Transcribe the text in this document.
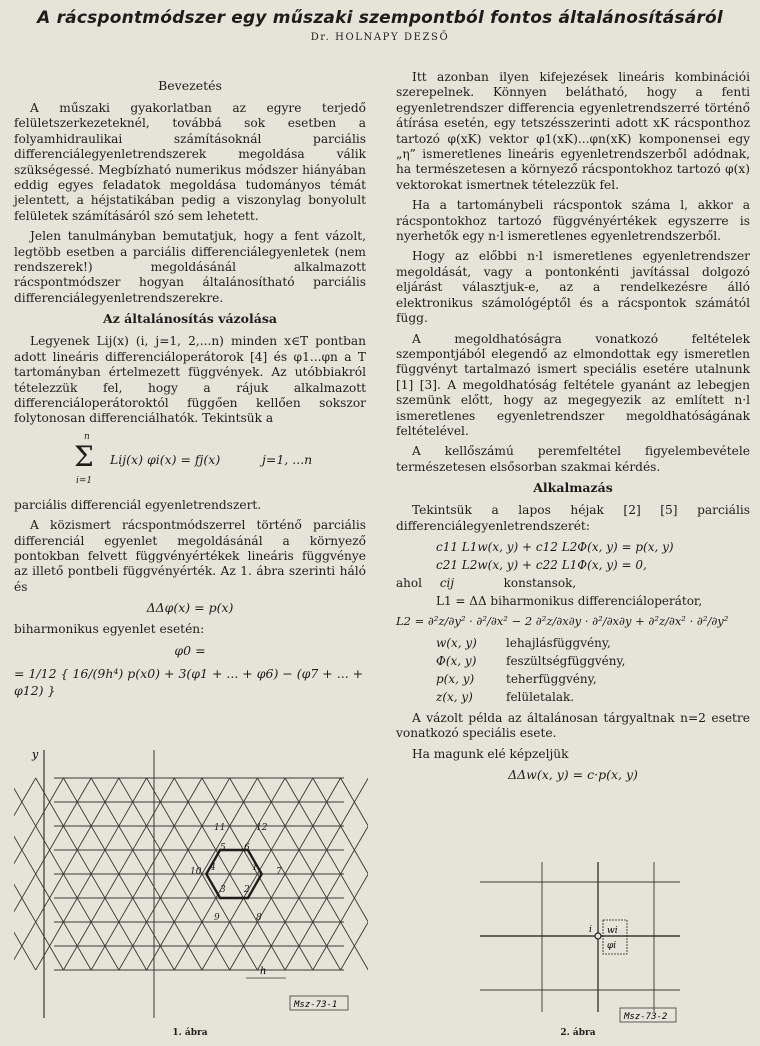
A rácspontmódszer egy műszaki szempontból fontos általánosításáról
Dr. HOLNAPY DEZSŐ
Bevezetés

A műszaki gyakorlatban az egyre terjedő felületszerkezeteknél, továbbá sok esetben a folyamhidraulikai számításoknál parciális differenciálegyenletrendszerek megoldása válik szükségessé. Megbízható numerikus módszer hiányában eddig egyes feladatok megoldása tudományos témát jelentett, a héjstatikában pedig a viszonylag bonyolult felületek számításáról szó sem lehetett.

Jelen tanulmányban bemutatjuk, hogy a fent vázolt, legtöbb esetben a parciális differenciálegyenletek (nem rendszerek!) megoldásánál alkalmazott rácspontmódszer hogyan általánosítható parciális differenciálegyenletrendszerekre.

Az általánosítás vázolása

Legyenek Lij(x) (i, j=1, 2,...n) minden x∈T pontban adott lineáris differenciáloperátorok [4] és φ1...φn a T tartományban értelmezett függvények. Az utóbbiakról tételezzük fel, hogy a rájuk alkalmazott differenciáloperátoroktól függően kellően sokszor folytonosan differenciálhatók. Tekintsük a

n
Σ
i=1
Lij(x) φi(x) = fj(x)	j=1, ...n

parciális differenciál egyenletrendszert.

A közismert rácspontmódszerrel történő parciális differenciál egyenlet megoldásánál a környező pontokban felvett függvényértékek lineáris függvénye az illető pontbeli függvényérték. Az 1. ábra szerinti háló és

ΔΔφ(x) = p(x)

biharmonikus egyenlet esetén:

φ0 =
= 1/12 { 16/(9h⁴) p(x0) + 3(φ1 + ... + φ6) − (φ7 + ... + φ12) }
y
h
Msz-73-1
1
2
3
4
5 6
7
8
9
10
11	12
1. ábra

Itt azonban ilyen kifejezések lineáris kombinációi szerepelnek. Könnyen belátható, hogy a fenti egyenletrendszer differencia egyenletrendszerré történő átírása esetén, egy tetszésszerinti adott xK rácsponthoz tartozó φ(xK) vektor φ1(xK)...φn(xK) komponensei egy „η” ismeretlenes lineáris egyenletrendszerből adódnak, ha természetesen a környező rácspontokhoz tartozó φ(x) vektorokat ismertnek tételezzük fel.

Ha a tartománybeli rácspontok száma l, akkor a rácspontokhoz tartozó függvényértékek egyszerre is nyerhetők egy n·l ismeretlenes egyenletrendszerből.

Hogy az előbbi n·l ismeretlenes egyenletrendszer megoldását, vagy a pontonkénti javítással dolgozó eljárást választjuk-e, az a rendelkezésre álló elektronikus számológéptől és a rácspontok számától függ.

A megoldhatóságra vonatkozó feltételek szempontjából elegendő az elmondottak egy ismeretlen függvényt tartalmazó ismert speciális esetére utalnunk [1] [3]. A megoldhatóság feltétele gyanánt az lebegjen szemünk előtt, hogy az megegyezik az említett n·l ismeretlenes egyenletrendszer megoldhatóságának feltételével.

A kellőszámú peremfeltétel figyelembevétele természetesen elsősorban szakmai kérdés.

Alkalmazás

Tekintsük a lapos héjak [2] [5] parciális differenciálegyenletrendszerét:

c11 L1w(x, y) + c12 L2Φ(x, y) = p(x, y)
c21 L2w(x, y) + c22 L1Φ(x, y) = 0,
ahol cij	konstansok,
L1 = ΔΔ biharmonikus differenciáloperátor,
L2 = ∂²z/∂y² · ∂²/∂x² − 2 ∂²z/∂x∂y · ∂²/∂x∂y + ∂²z/∂x² · ∂²/∂y²
w(x, y) lehajlásfüggvény,
Φ(x, y) feszültségfüggvény,
p(x, y)	teherfüggvény,
z(x, y)	felületalak.

A vázolt példa az általánosan tárgyaltnak n=2 esetre vonatkozó speciális esete.

Ha magunk elé képzeljük

ΔΔw(x, y) = c·p(x, y)
wi
φi
i
Msz-73-2
2. ábra
